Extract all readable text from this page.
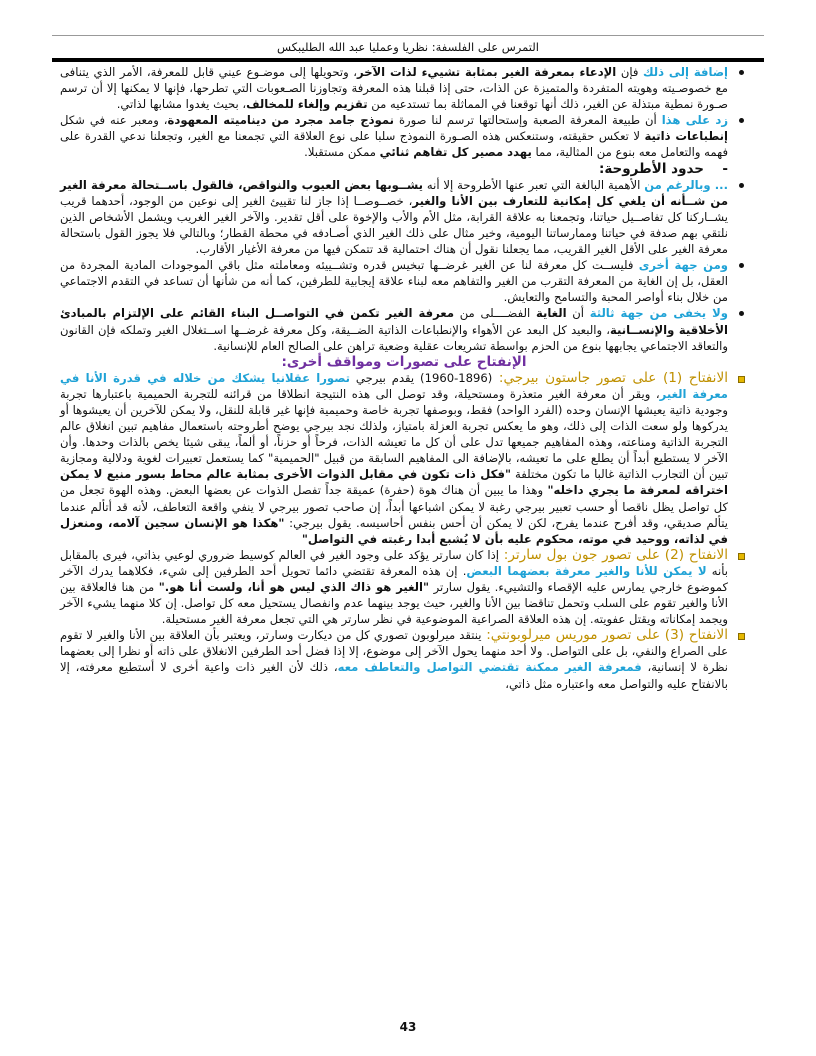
التمرس على الفلسفة: نظريا وعمليا عبد الله الطليبكس

إضافة إلى ذلك فإن الإدعاء بمعرفة الغير بمثابة تشييء لذات الآخر، وتحويلها إلى موضـوع عيني قابل للمعرفة، الأمر الذي يتنافى مع خصوصـيته وهويته المتفردة والمتميزة عن الذات، حتى إذا قبلنا هذه المعرفة وتجاوزنا الصـعوبات التي تطرحها، فإنها لا يمكنها إلا أن ترسم صـورة نمطية مبتذلة عن الغير، ذلك أنها توقعنا في المماثلة بما تستدعيه من تقزيم وإلغاء للمخالف، بحيث يغدوا مشابها لذاتي.

زد على هذا أن طبيعة المعرفة الصعبة وإستحالتها ترسم لنا صورة نموذج جامد مجرد من ديناميته المعهودة، ومعبر عنه في شكل إنطباعات ذاتية لا تعكس حقيقته، وستنعكس هذه الصـورة النموذج سلبا على نوع العلاقة التي تجمعنا مع الغير، وتجعلنا ندعي القدرة على فهمه والتعامل معه بنوع من المثالية، مما يهدد مصير كل تفاهم ثنائي ممكن مستقبلا.

-حدود الأطروحة:

... وبالرغم من الأهمية البالغة التي تعبر عنها الأطروحة إلا أنه يشــوبها بعض العيوب والنواقص، فالقول باســتحالة معرفة الغير من شــأنه أن يلغي كل إمكانية للتعارف بين الأنا والغير، خصــوصــا إذا جاز لنا تقييئ الغير إلى نوعين من الوجود، أحدهما قريب يشــاركنا كل تفاصــيل حياتنا، وتجمعنا به علاقة القرابة، مثل الأم والأب والإخوة على أقل تقدير. والآخر الغير الغريب ويشمل الأشخاص الذين نلتقي بهم صدفة في حياتنا وممارساتنا اليومية، وخير مثال على ذلك الغير الذي أصـادفه في محطة القطار؛ وبالتالي فلا يجوز القول باستحالة معرفة الغير على الأقل الغير القريب، مما يجعلنا نقول أن هناك احتمالية قد تتمكن فيها من معرفة الأغيار الأقارب.

ومن جهة أخرى فليســت كل معرفة لنا عن الغير غرضــها تبخيس قدره وتشــييئه ومعاملته مثل باقي الموجودات المادية المجردة من العقل، بل إن الغاية من المعرفة التقرب من الغير والتفاهم معه لبناء علاقة إيجابية للطرفين، كما أنه من شأنها أن تساعد في التقدم الاجتماعي من خلال بناء أواصر المحبة والتسامح والتعايش.

ولا يخفى من جهة ثالثة أن الغاية الفضــــلى من معرفة الغير تكمن في التواصــل البناء القائم على الإلتزام بالمبادئ الأخلاقية والإنســانية، والبعيد كل البعد عن الأهواء والإنطباعات الذاتية الضــيقة، وكل معرفة غرضــها اســتغلال الغير وتملكه فإن القانون والتعاقد الاجتماعي يجابهها بنوع من الحزم بواسطة تشريعات عقلية وضعية تراهن على الصالح العام للإنسانية.

الإنفتاح على تصورات ومواقف أخرى:

الانفتاح (1) على تصور جاستون بيرجي: (1896-1960) يقدم بيرجي تصورا عقلانيا يشكك من خلاله في قدرة الأنا في معرفة الغير، ويقر أن معرفة الغير متعذرة ومستحيلة، وقد توصل الى هذه النتيجة انطلاقا من قرائنه للتجربة الحميمية باعتبارها تجربة وجودية ذاتية يعيشها الإنسان وحده (الفرد الواحد) فقط، وبوصفها تجربة خاصة وحميمية فإنها غير قابلة للنقل، ولا يمكن للآخرين أن يعيشوها أو يدركوها ولو سعت الذات إلى ذلك، وهو ما يعكس تجربة العزلة بامتياز، ولذلك نجد بيرجي يوضح أطروحته باستعمال مفاهيم تبين انغلاق عالم التجربة الذاتية ومناعته، وهذه المفاهيم جميعها تدل على أن كل ما تعيشه الذات، فرحاً أو حزناً، أو ألماً، يبقى شيئا يخص بالذات وحدها. وأن الآخر لا يستطيع أبداً أن يطلع على ما تعيشه، بالإضافة الى المفاهيم السابقة من قبيل "الحميمية" كما يستعمل تعبيرات لغوية ودلالية ومجازية تبين أن التجارب الذاتية غالبا ما تكون مختلفة "فكل ذات تكون في مقابل الذوات الأخرى بمثابة عالم محاط بسور منيع لا يمكن اختراقه لمعرفة ما يجري داخله" وهذا ما يبين أن هناك هوة (حفرة) عميقة جداً تفصل الذوات عن بعضها البعض. وهذه الهوة تجعل من كل تواصل يظل ناقصا أو حسب تعبير بيرجي رغبة لا يمكن اشباعها أبداً، إن صاحب تصور بيرجي لا ينفي واقعة التعاطف، لأنه قد أتألم عندما يتألم صديقي، وقد أفرح عندما يفرح، لكن لا يمكن أن أحس بنفس أحاسيسه. يقول بيرجي: "هكذا هو الإنسان سجين آلامه، ومنعزل في لذاته، ووحيد في موته، محكوم عليه بأن لا يُشبع أبدا رغبته في التواصل"

الانفتاح (2) على تصور جون بول سارتر: إذا كان سارتر يؤكد على وجود الغير في العالم كوسيط ضروري لوعيي بذاتي، فيرى بالمقابل بأنه لا يمكن للأنا والغير معرفة بعضهما البعض. إن هذه المعرفة تقتضي دائما تحويل أحد الطرفين إلى شيء، فكلاهما يدرك الآخر كموضوع خارجي يمارس عليه الإقصاء والتشييء. يقول سارتر "الغير هو ذاك الذي ليس هو أنا، ولست أنا هو." من هنا فالعلاقة بين الأنا والغير تقوم على السلب وتحمل تناقضا بين الأنا والغير، حيث يوجد بينهما عدم وانفصال يستحيل معه كل تواصل. إن كلا منهما يشيء الآخر ويجمد إمكاناته ويقتل عفويته. إن هذه العلاقة الصراعية الموضوعية في نظر سارتر هي التي تجعل معرفة الغير مستحيلة.

الانفتاح (3) على تصور موريس ميرلوبونتي: ينتقد ميرلوبون تصوري كل من ديكارت وسارتر، ويعتبر بأن العلاقة بين الأنا والغير لا تقوم على الصراع والنفي، بل على التواصل. ولا أحد منهما يحول الآخر إلى موضوع، إلا إذا فضل أحد الطرفين الانغلاق على ذاته أو نظرا إلى بعضهما نظرة لا إنسانية، فمعرفة الغير ممكنة تقتضي التواصل والتعاطف معه، ذلك لأن الغير ذات واعية أخرى لا أستطيع معرفته، إلا بالانفتاح عليه والتواصل معه واعتباره مثل ذاتي،

43
